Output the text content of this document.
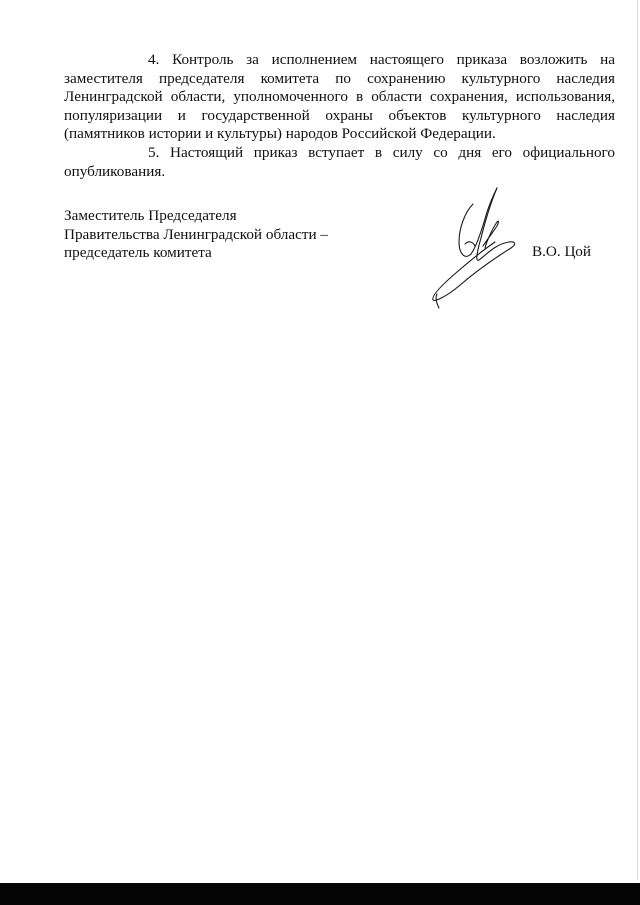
4. Контроль за исполнением настоящего приказа возложить на заместителя председателя комитета по сохранению культурного наследия Ленинградской области, уполномоченного в области сохранения, использования, популяризации и государственной охраны объектов культурного наследия (памятников истории и культуры) народов Российской Федерации.

5. Настоящий приказ вступает в силу со дня его официального опубликования.

Заместитель Председателя
Правительства Ленинградской области –
председатель комитета	В.О. Цой
